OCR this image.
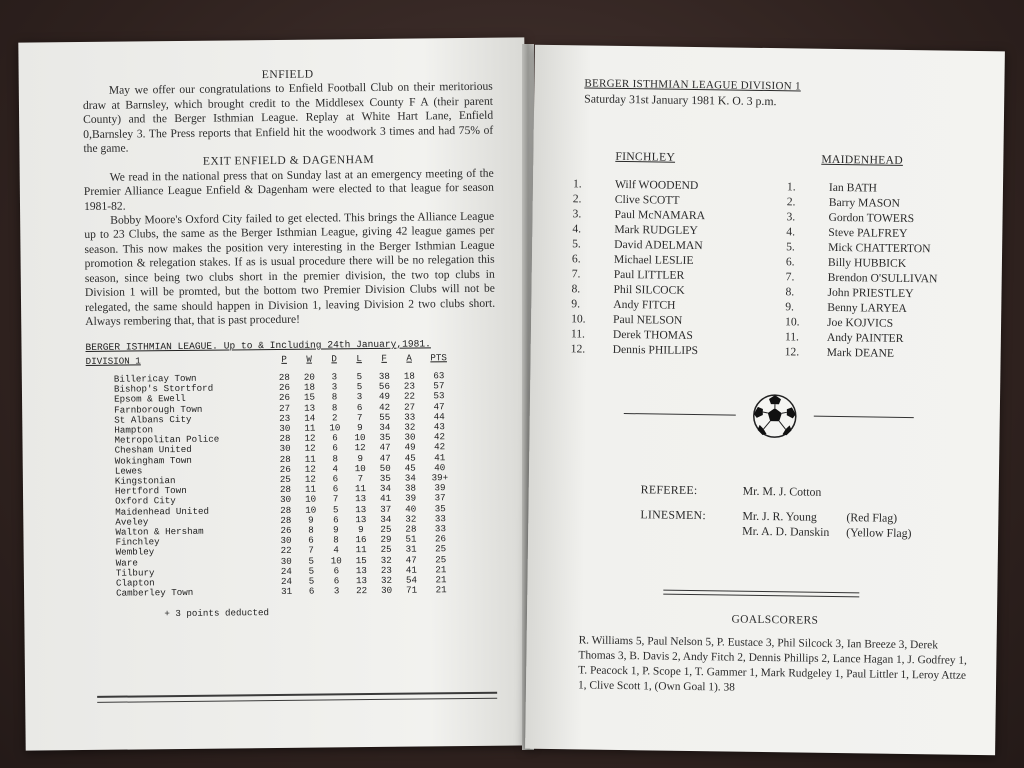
ENFIELD

May we offer our congratulations to Enfield Football Club on their meritorious draw at Barnsley, which brought credit to the Middlesex County F A (their parent County) and the Berger Isthmian League. Replay at White Hart Lane, Enfield 0,Barnsley 3. The Press reports that Enfield hit the woodwork 3 times and had 75% of the game.

EXIT ENFIELD & DAGENHAM

We read in the national press that on Sunday last at an emergency meeting of the Premier Alliance League Enfield & Dagenham were elected to that league for season 1981-82.

Bobby Moore's Oxford City failed to get elected. This brings the Alliance League up to 23 Clubs, the same as the Berger Isthmian League, giving 42 league games per season. This now makes the position very interesting in the Berger Isthmian League promotion & relegation stakes. If as is usual procedure there will be no relegation this season, since being two clubs short in the premier division, the two top clubs in Division 1 will be promted, but the bottom two Premier Division Clubs will not be relegated, the same should happen in Division 1, leaving Division 2 two clubs short. Always rembering that, that is past procedure!

BERGER ISTHMIAN LEAGUE. Up to & Including 24th January,1981.
DIVISION 1	P	W	D	L	F	A	PTS
Billericay Town	28	20	3	5	38	18	63
Bishop's Stortford	26	18	3	5	56	23	57
Epsom & Ewell	26	15	8	3	49	22	53
Farnborough Town	27	13	8	6	42	27	47
St Albans City	23	14	2	7	55	33	44
Hampton	30	11	10	9	34	32	43
Metropolitan Police	28	12	6	10	35	30	42
Chesham United	30	12	6	12	47	49	42
Wokingham Town	28	11	8	9	47	45	41
Lewes	26	12	4	10	50	45	40
Kingstonian	25	12	6	7	35	34	39+
Hertford Town	28	11	6	11	34	38	39
Oxford City	30	10	7	13	41	39	37
Maidenhead United	28	10	5	13	37	40	35
Aveley	28	9	6	13	34	32	33
Walton & Hersham	26	8	9	9	25	28	33
Finchley	30	6	8	16	29	51	26
Wembley	22	7	4	11	25	31	25
Ware	30	5	10	15	32	47	25
Tilbury	24	5	6	13	23	41	21
Clapton	24	5	6	13	32	54	21
Camberley Town	31	6	3	22	30	71	21
+ 3 points deducted
BERGER ISTHMIAN LEAGUE DIVISION 1
Saturday 31st January 1981 K. O. 3 p.m.
FINCHLEY
1.	Wilf WOODEND
2.	Clive SCOTT
3.	Paul McNAMARA
4.	Mark RUDGLEY
5.	David ADELMAN
6.	Michael LESLIE
7.	Paul LITTLER
8.	Phil SILCOCK
9.	Andy FITCH
10.	Paul NELSON
11.	Derek THOMAS
12.	Dennis PHILLIPS
MAIDENHEAD
1.	Ian BATH
2.	Barry MASON
3.	Gordon TOWERS
4.	Steve PALFREY
5.	Mick CHATTERTON
6.	Billy HUBBICK
7.	Brendon O'SULLIVAN
8.	John PRIESTLEY
9.	Benny LARYEA
10.	Joe KOJVICS
11.	Andy PAINTER
12.	Mark DEANE
REFEREE:	Mr. M. J. Cotton
LINESMEN:	Mr. J. R. Young	(Red Flag)
Mr. A. D. Danskin	(Yellow Flag)
GOALSCORERS
R. Williams 5, Paul Nelson 5, P. Eustace 3, Phil Silcock 3, Ian Breeze 3, Derek Thomas 3, B. Davis 2, Andy Fitch 2, Dennis Phillips 2, Lance Hagan 1, J. Godfrey 1, T. Peacock 1, P. Scope 1, T. Gammer 1, Mark Rudgeley 1, Paul Littler 1, Leroy Attze 1, Clive Scott 1, (Own Goal 1). 38
